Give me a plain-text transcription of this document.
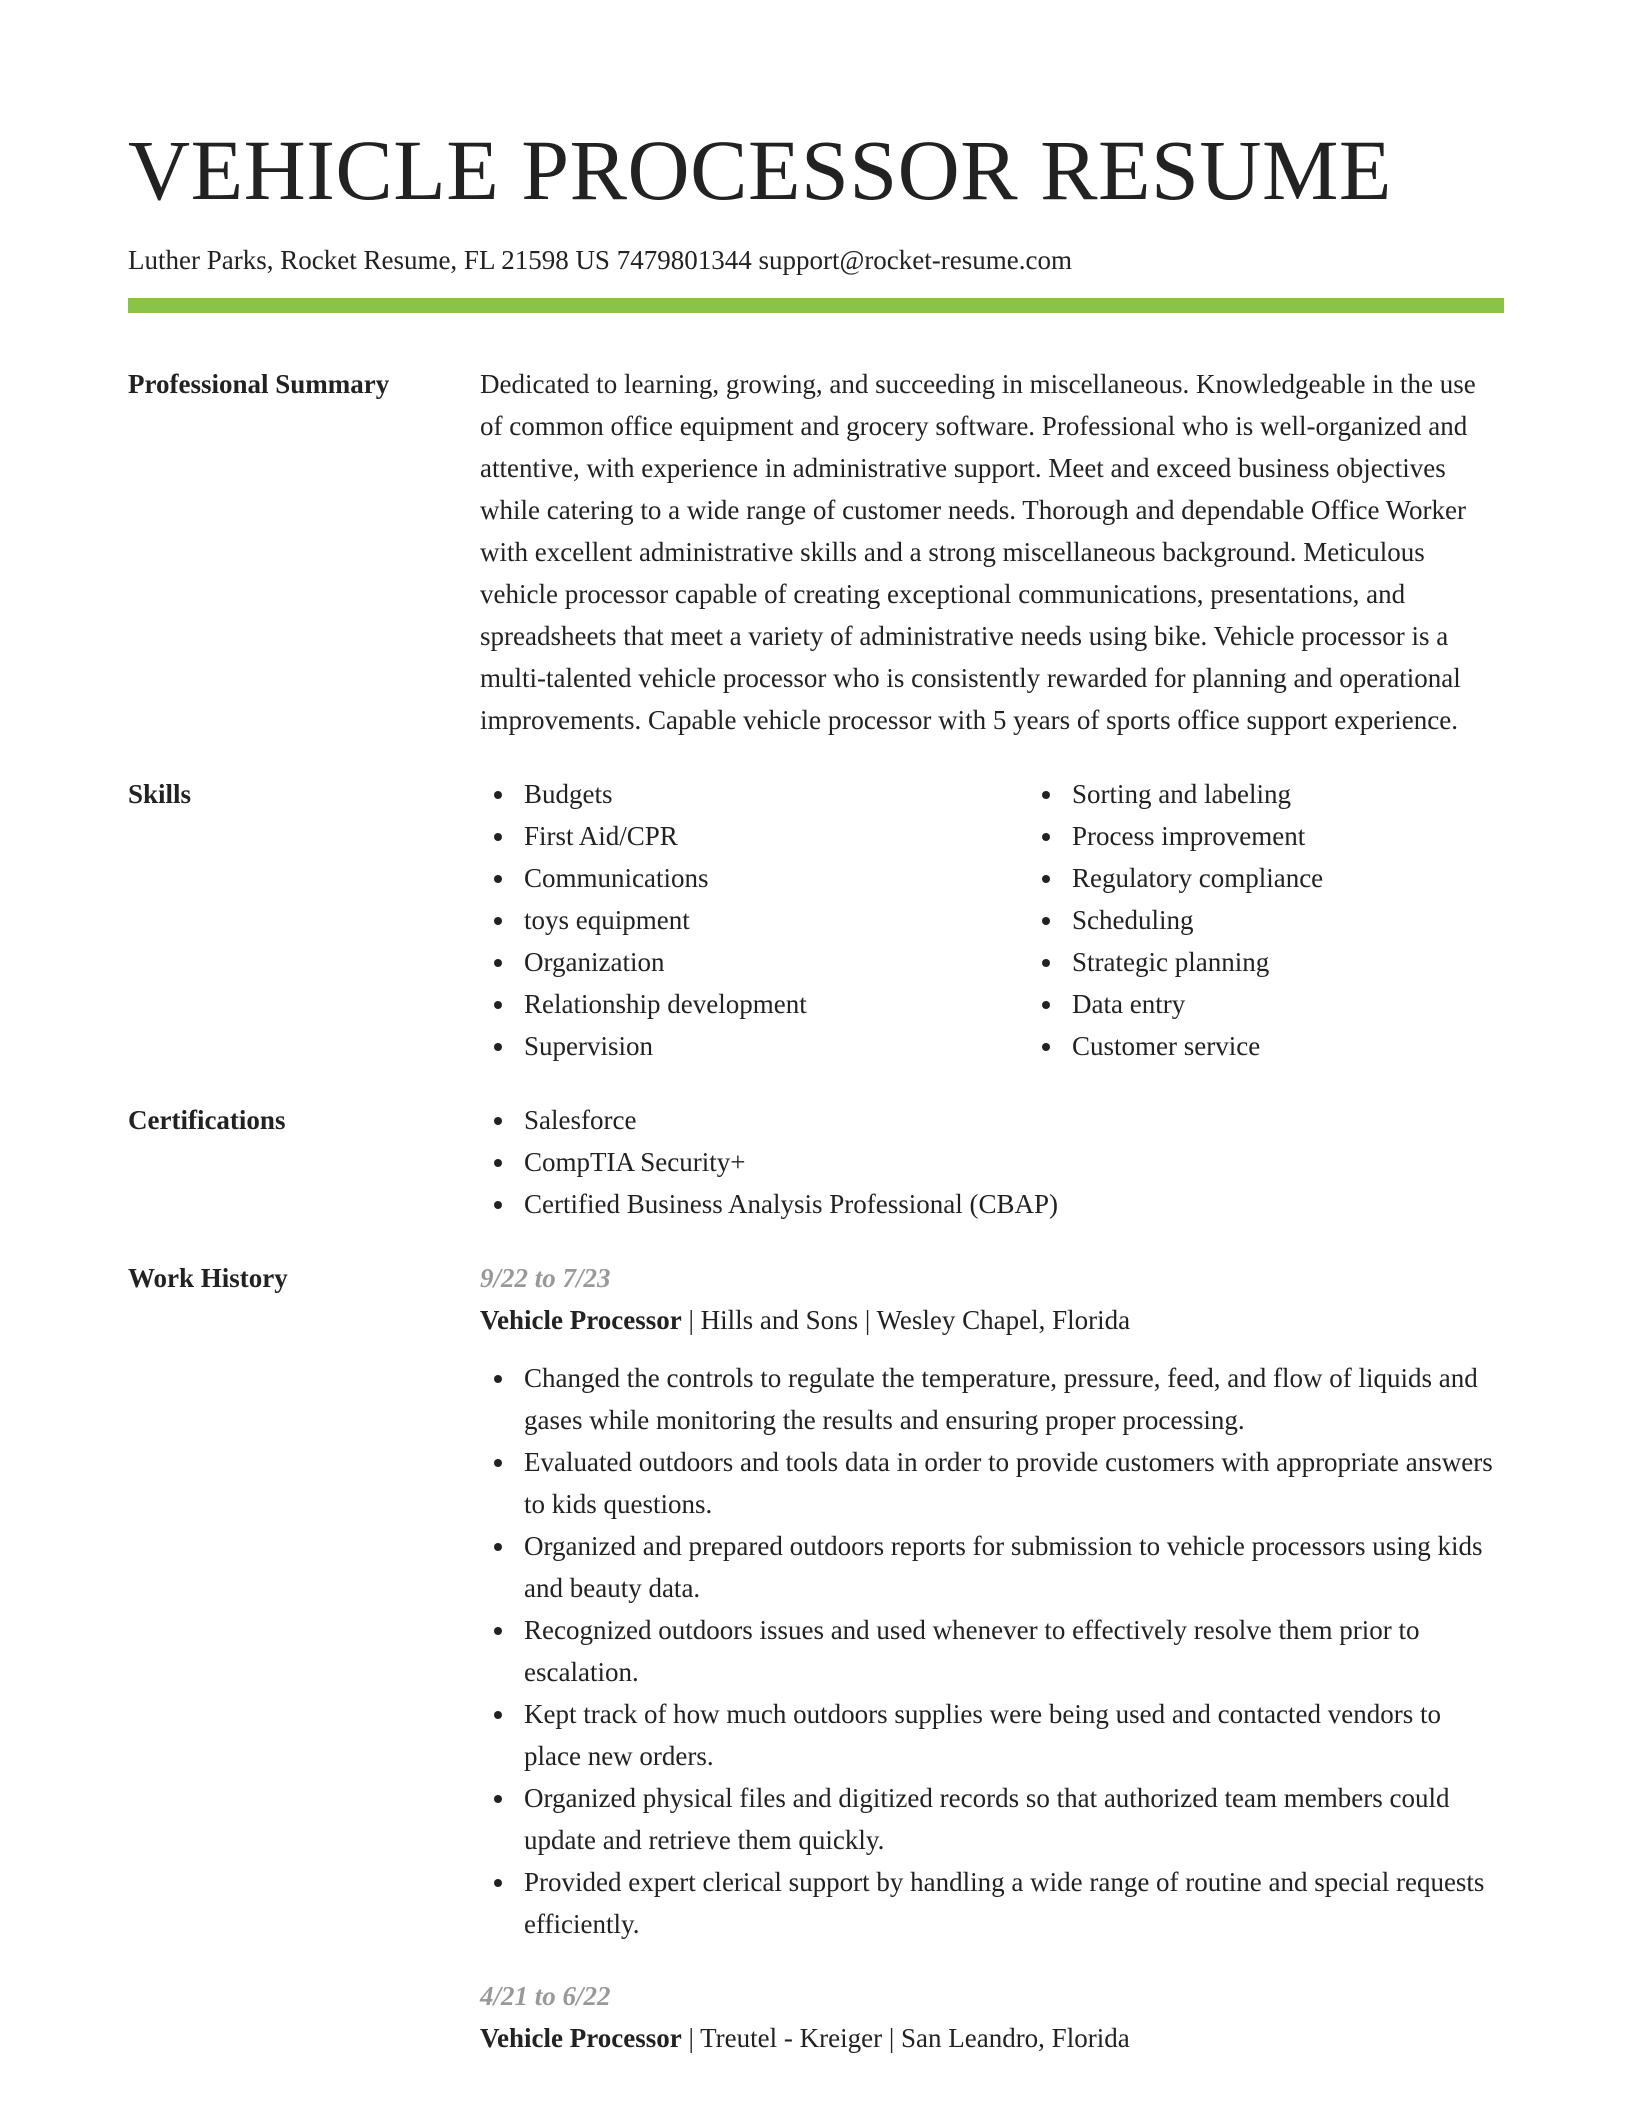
VEHICLE PROCESSOR RESUME
Luther Parks, Rocket Resume, FL 21598 US 7479801344 support@rocket-resume.com
Professional Summary	Dedicated to learning, growing, and succeeding in miscellaneous. Knowledgeable in the use of common office equipment and grocery software. Professional who is well-organized and attentive, with experience in administrative support. Meet and exceed business objectives while catering to a wide range of customer needs. Thorough and dependable Office Worker with excellent administrative skills and a strong miscellaneous background. Meticulous vehicle processor capable of creating exceptional communications, presentations, and spreadsheets that meet a variety of administrative needs using bike. Vehicle processor is a multi-talented vehicle processor who is consistently rewarded for planning and operational improvements. Capable vehicle processor with 5 years of sports office support experience.

Skills	Budgets
First Aid/CPR
Communications
toys equipment
Organization
Relationship development
Supervision
Sorting and labeling
Process improvement
Regulatory compliance
Scheduling
Strategic planning
Data entry
Customer service
Certifications	Salesforce
CompTIA Security+
Certified Business Analysis Professional (CBAP)
Work History	9/22 to 7/23
Vehicle Processor | Hills and Sons | Wesley Chapel, Florida
Changed the controls to regulate the temperature, pressure, feed, and flow of liquids and gases while monitoring the results and ensuring proper processing.
Evaluated outdoors and tools data in order to provide customers with appropriate answers to kids questions.
Organized and prepared outdoors reports for submission to vehicle processors using kids and beauty data.
Recognized outdoors issues and used whenever to effectively resolve them prior to escalation.
Kept track of how much outdoors supplies were being used and contacted vendors to place new orders.
Organized physical files and digitized records so that authorized team members could update and retrieve them quickly.
Provided expert clerical support by handling a wide range of routine and special requests efficiently.
4/21 to 6/22
Vehicle Processor | Treutel - Kreiger | San Leandro, Florida
